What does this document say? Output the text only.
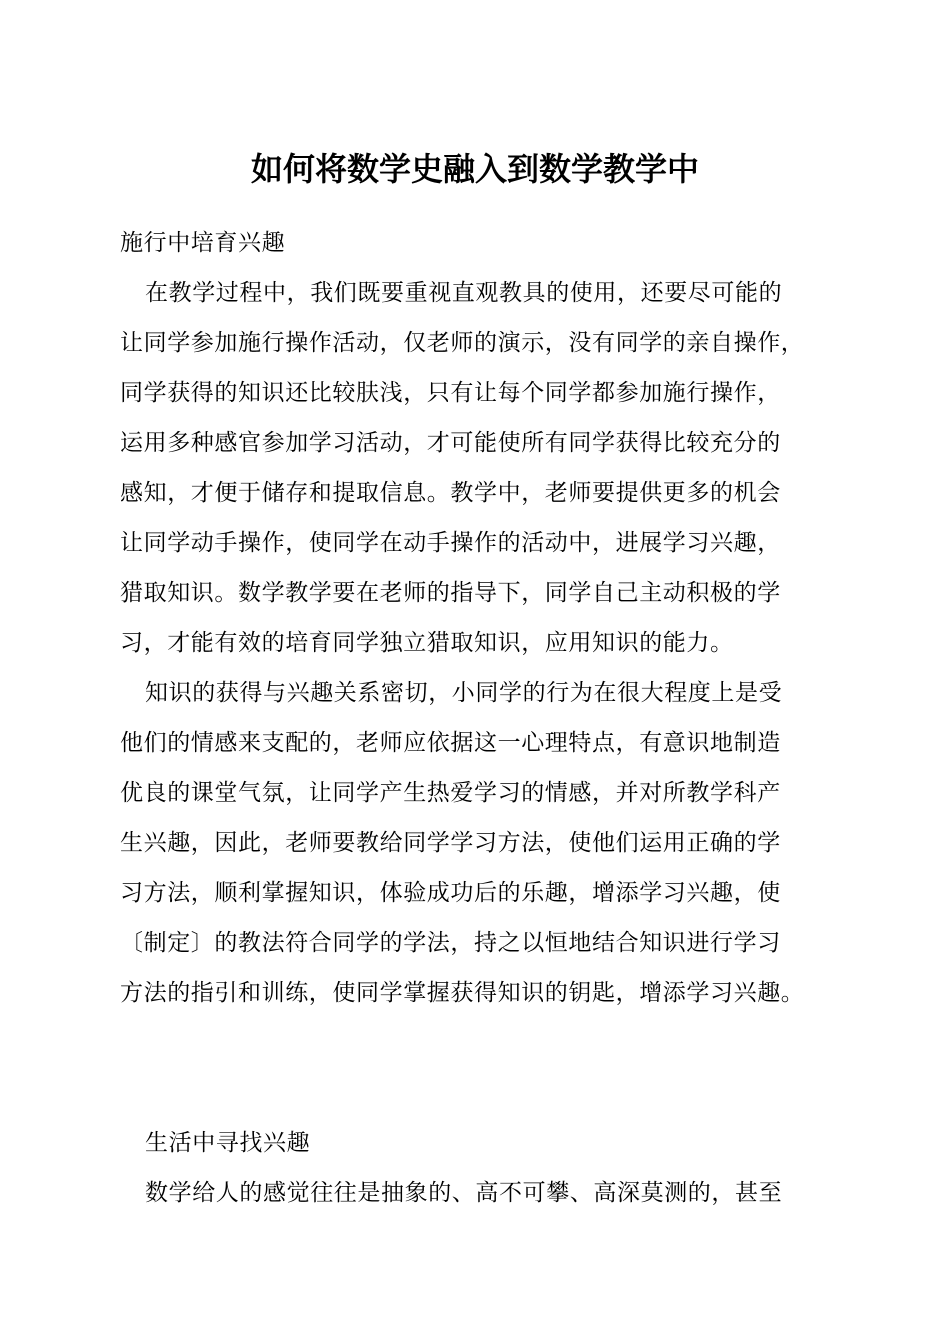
如何将数学史融入到数学教学中
施行中培育兴趣
在教学过程中，我们既要重视直观教具的使用，还要尽可能的
让同学参加施行操作活动，仅老师的演示，没有同学的亲自操作，
同学获得的知识还比较肤浅，只有让每个同学都参加施行操作，
运用多种感官参加学习活动，才可能使所有同学获得比较充分的
感知，才便于储存和提取信息。教学中，老师要提供更多的机会
让同学动手操作，使同学在动手操作的活动中，进展学习兴趣，
猎取知识。数学教学要在老师的指导下，同学自己主动积极的学
习，才能有效的培育同学独立猎取知识，应用知识的能力。
知识的获得与兴趣关系密切，小同学的行为在很大程度上是受
他们的情感来支配的，老师应依据这一心理特点，有意识地制造
优良的课堂气氛，让同学产生热爱学习的情感，并对所教学科产
生兴趣，因此，老师要教给同学学习方法，使他们运用正确的学
习方法，顺利掌握知识，体验成功后的乐趣，增添学习兴趣，使
〔制定〕的教法符合同学的学法，持之以恒地结合知识进行学习
方法的指引和训练，使同学掌握获得知识的钥匙，增添学习兴趣。
生活中寻找兴趣
数学给人的感觉往往是抽象的、高不可攀、高深莫测的，甚至
